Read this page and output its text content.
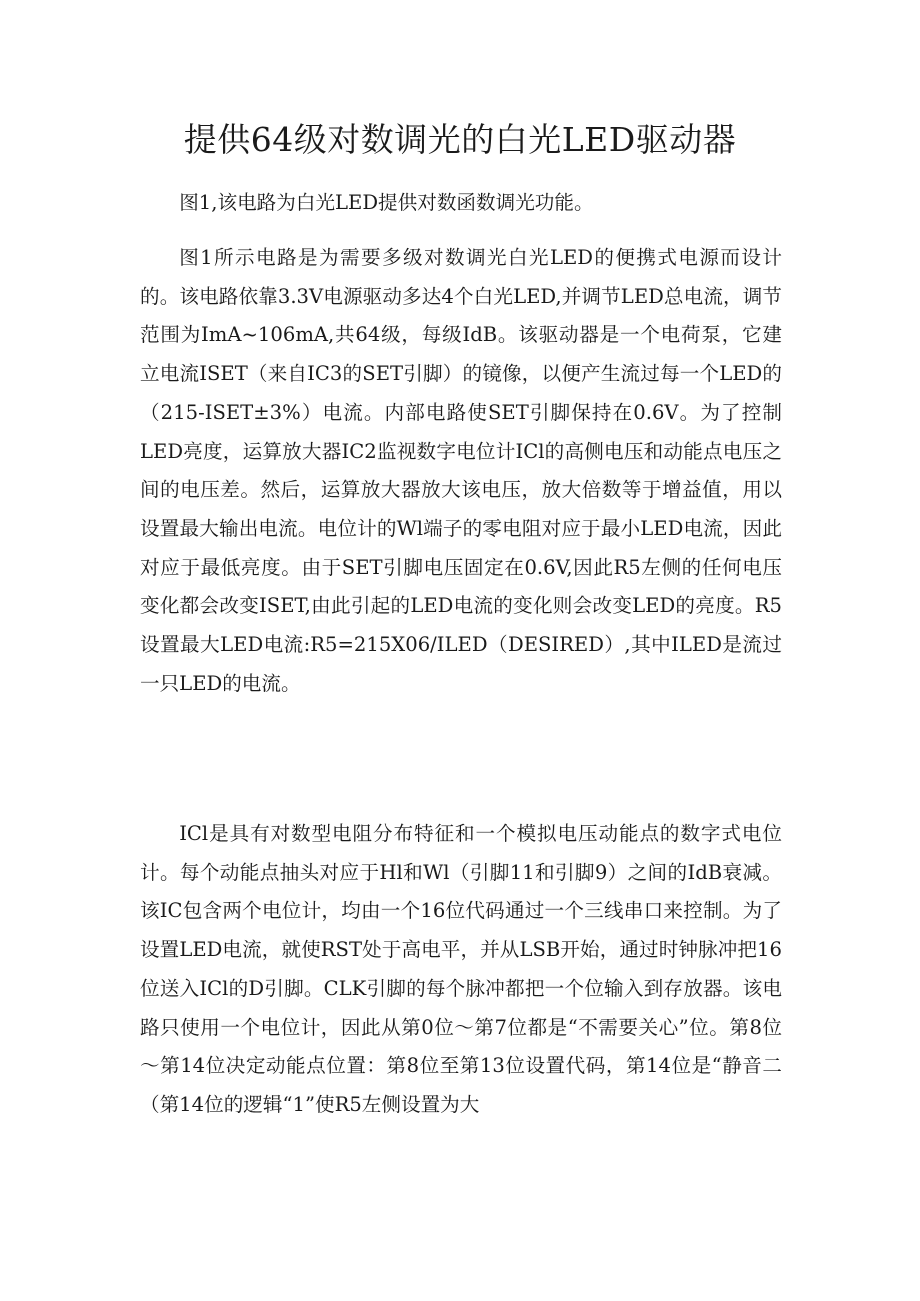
提供64级对数调光的白光LED驱动器

图1,该电路为白光LED提供对数函数调光功能。

图1所示电路是为需要多级对数调光白光LED的便携式电源而设计的。该电路依靠3.3V电源驱动多达4个白光LED,并调节LED总电流，调节范围为ImA~106mA,共64级，每级IdB。该驱动器是一个电荷泵，它建立电流ISET（来自IC3的SET引脚）的镜像，以便产生流过每一个LED的（215-ISET±3%）电流。内部电路使SET引脚保持在0.6V。为了控制LED亮度，运算放大器IC2监视数字电位计ICl的高侧电压和动能点电压之间的电压差。然后，运算放大器放大该电压，放大倍数等于增益值，用以设置最大输出电流。电位计的Wl端子的零电阻对应于最小LED电流，因此对应于最低亮度。由于SET引脚电压固定在0.6V,因此R5左侧的任何电压变化都会改变ISET,由此引起的LED电流的变化则会改变LED的亮度。R5设置最大LED电流:R5=215X06/ILED（DESIRED）,其中ILED是流过一只LED的电流。

ICl是具有对数型电阻分布特征和一个模拟电压动能点的数字式电位计。每个动能点抽头对应于Hl和Wl（引脚11和引脚9）之间的IdB衰减。该IC包含两个电位计，均由一个16位代码通过一个三线串口来控制。为了设置LED电流，就使RST处于高电平，并从LSB开始，通过时钟脉冲把16位送入ICl的D引脚。CLK引脚的每个脉冲都把一个位输入到存放器。该电路只使用一个电位计，因此从第0位～第7位都是“不需要关心”位。第8位～第14位决定动能点位置：第8位至第13位设置代码，第14位是“静音二（第14位的逻辑“1”使R5左侧设置为大
